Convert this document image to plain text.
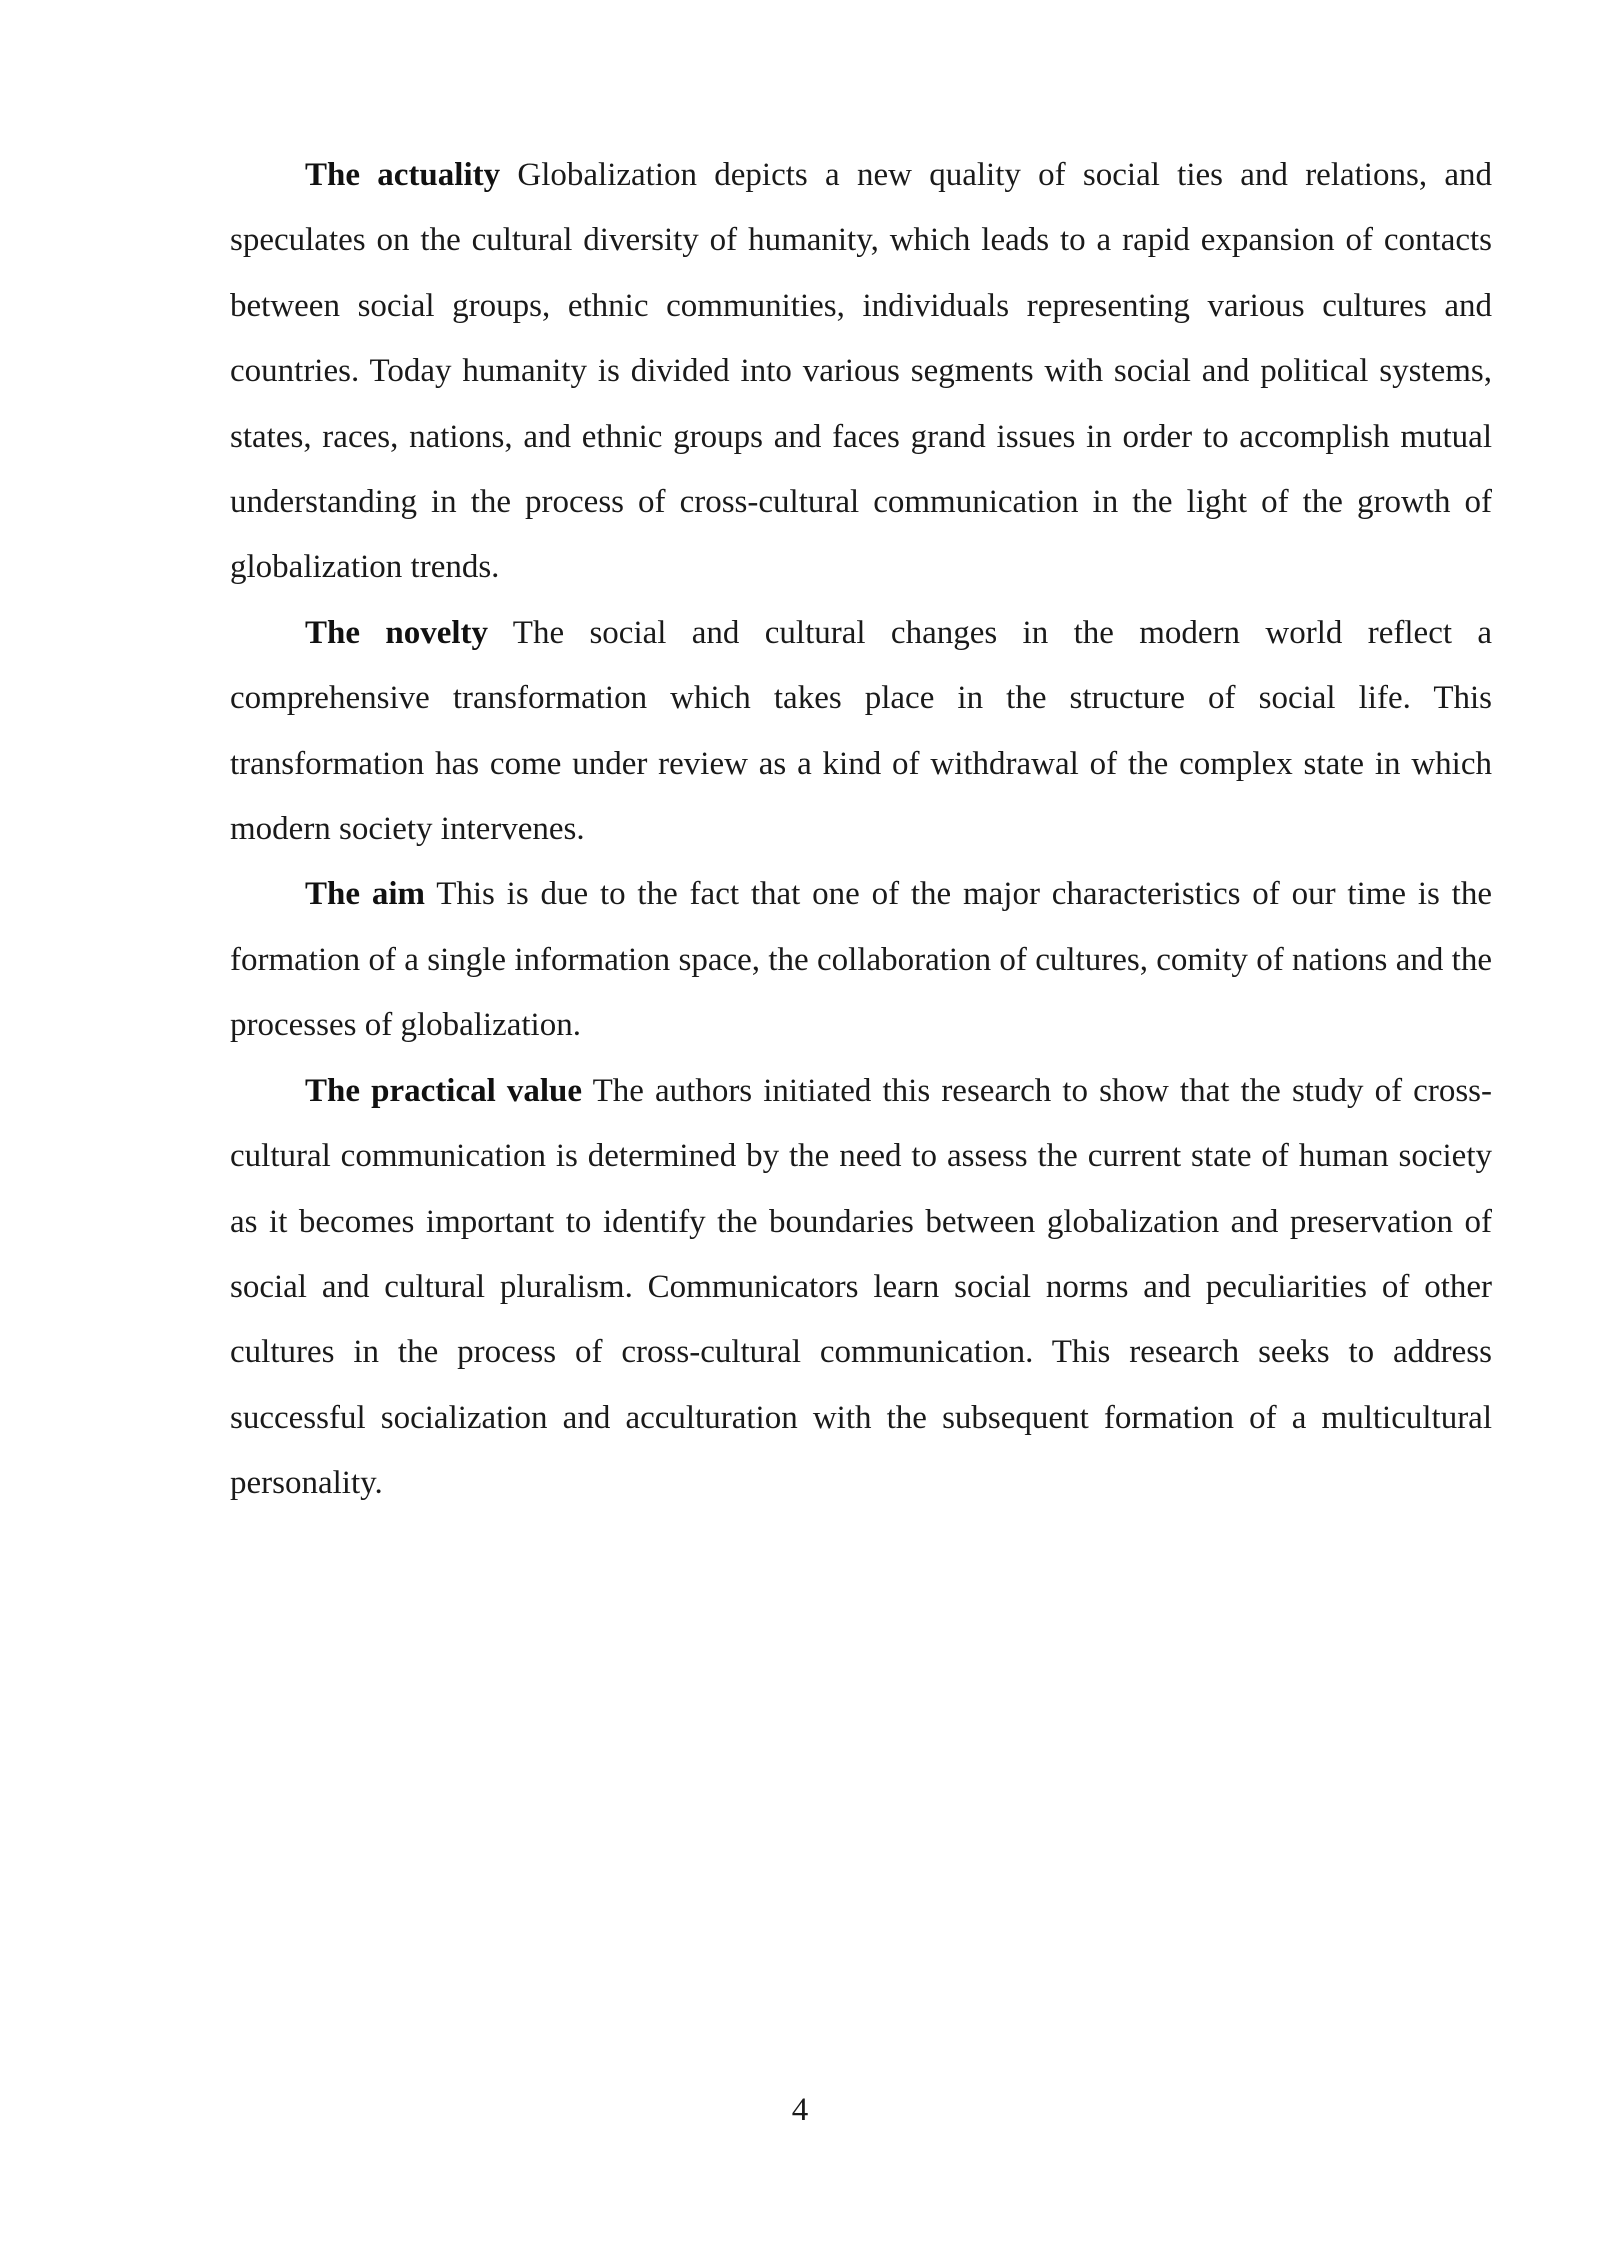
The actuality Globalization depicts a new quality of social ties and relations, and speculates on the cultural diversity of humanity, which leads to a rapid expansion of contacts between social groups, ethnic communities, individuals representing various cultures and countries. Today humanity is divided into various segments with social and political systems, states, races, nations, and ethnic groups and faces grand issues in order to accomplish mutual understanding in the process of cross-cultural communication in the light of the growth of globalization trends.

The novelty The social and cultural changes in the modern world reflect a comprehensive transformation which takes place in the structure of social life. This transformation has come under review as a kind of withdrawal of the complex state in which modern society intervenes.

The aim This is due to the fact that one of the major characteristics of our time is the formation of a single information space, the collaboration of cultures, comity of nations and the processes of globalization.

The practical value The authors initiated this research to show that the study of cross-cultural communication is determined by the need to assess the current state of human society as it becomes important to identify the boundaries between globalization and preservation of social and cultural pluralism. Communicators learn social norms and peculiarities of other cultures in the process of cross-cultural communication. This research seeks to address successful socialization and acculturation with the subsequent formation of a multicultural personality.

4
